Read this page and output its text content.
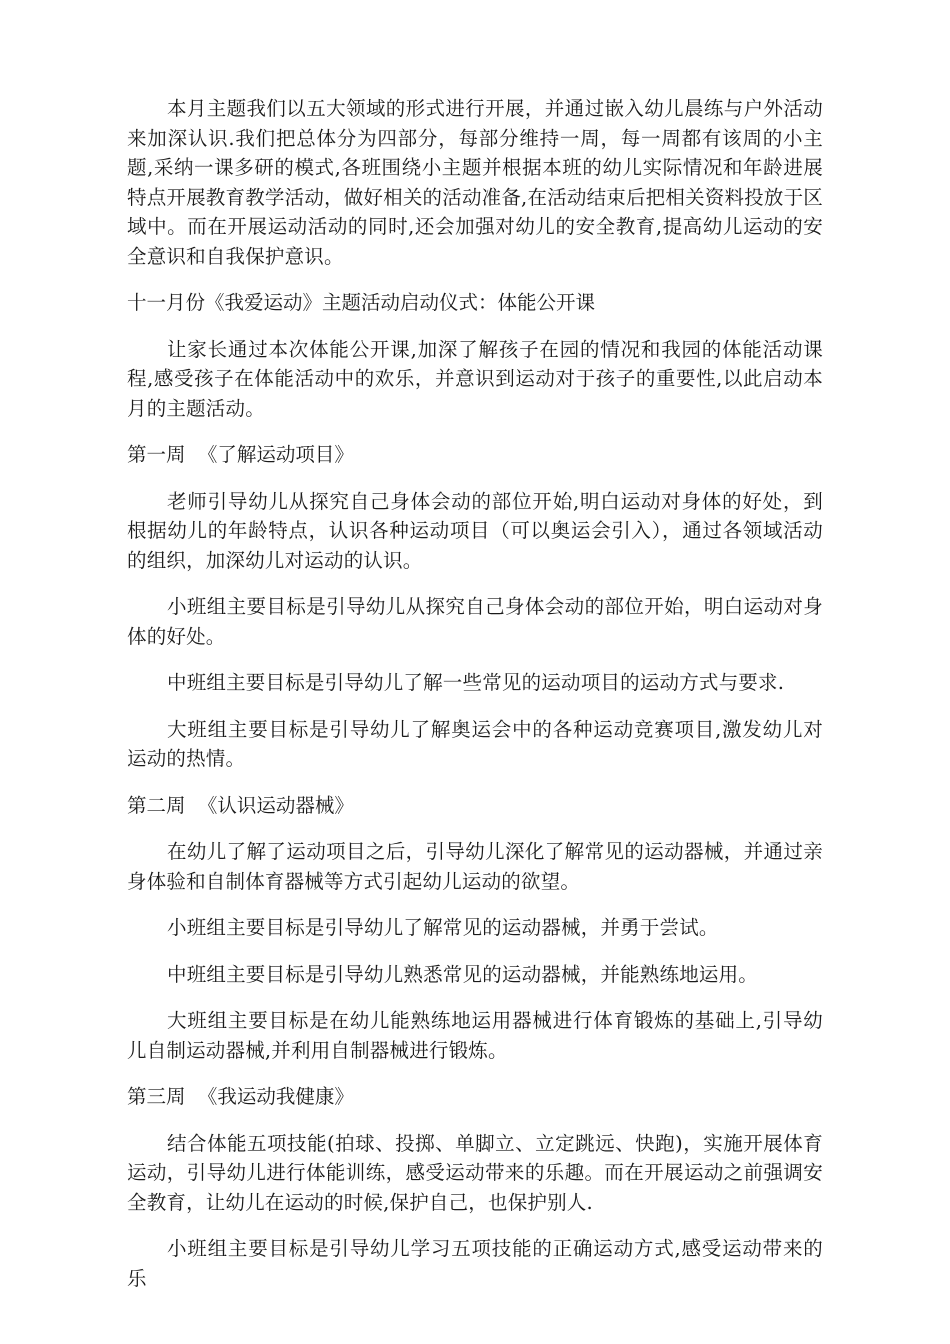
本月主题我们以五大领域的形式进行开展，并通过嵌入幼儿晨练与户外活动来加深认识.我们把总体分为四部分，每部分维持一周，每一周都有该周的小主题,采纳一课多研的模式,各班围绕小主题并根据本班的幼儿实际情况和年龄进展特点开展教育教学活动，做好相关的活动准备,在活动结束后把相关资料投放于区域中。而在开展运动活动的同时,还会加强对幼儿的安全教育,提高幼儿运动的安全意识和自我保护意识。

十一月份《我爱运动》主题活动启动仪式：体能公开课

让家长通过本次体能公开课,加深了解孩子在园的情况和我园的体能活动课程,感受孩子在体能活动中的欢乐，并意识到运动对于孩子的重要性,以此启动本月的主题活动。

第一周  《了解运动项目》

老师引导幼儿从探究自己身体会动的部位开始,明白运动对身体的好处，到根据幼儿的年龄特点，认识各种运动项目（可以奥运会引入），通过各领域活动的组织，加深幼儿对运动的认识。

小班组主要目标是引导幼儿从探究自己身体会动的部位开始，明白运动对身体的好处。

中班组主要目标是引导幼儿了解一些常见的运动项目的运动方式与要求.

大班组主要目标是引导幼儿了解奥运会中的各种运动竞赛项目,激发幼儿对运动的热情。

第二周  《认识运动器械》

在幼儿了解了运动项目之后，引导幼儿深化了解常见的运动器械，并通过亲身体验和自制体育器械等方式引起幼儿运动的欲望。

小班组主要目标是引导幼儿了解常见的运动器械，并勇于尝试。

中班组主要目标是引导幼儿熟悉常见的运动器械，并能熟练地运用。

大班组主要目标是在幼儿能熟练地运用器械进行体育锻炼的基础上,引导幼儿自制运动器械,并利用自制器械进行锻炼。

第三周  《我运动我健康》

结合体能五项技能(拍球、投掷、单脚立、立定跳远、快跑)，实施开展体育运动，引导幼儿进行体能训练，感受运动带来的乐趣。而在开展运动之前强调安全教育，让幼儿在运动的时候,保护自己，也保护别人.

小班组主要目标是引导幼儿学习五项技能的正确运动方式,感受运动带来的乐
